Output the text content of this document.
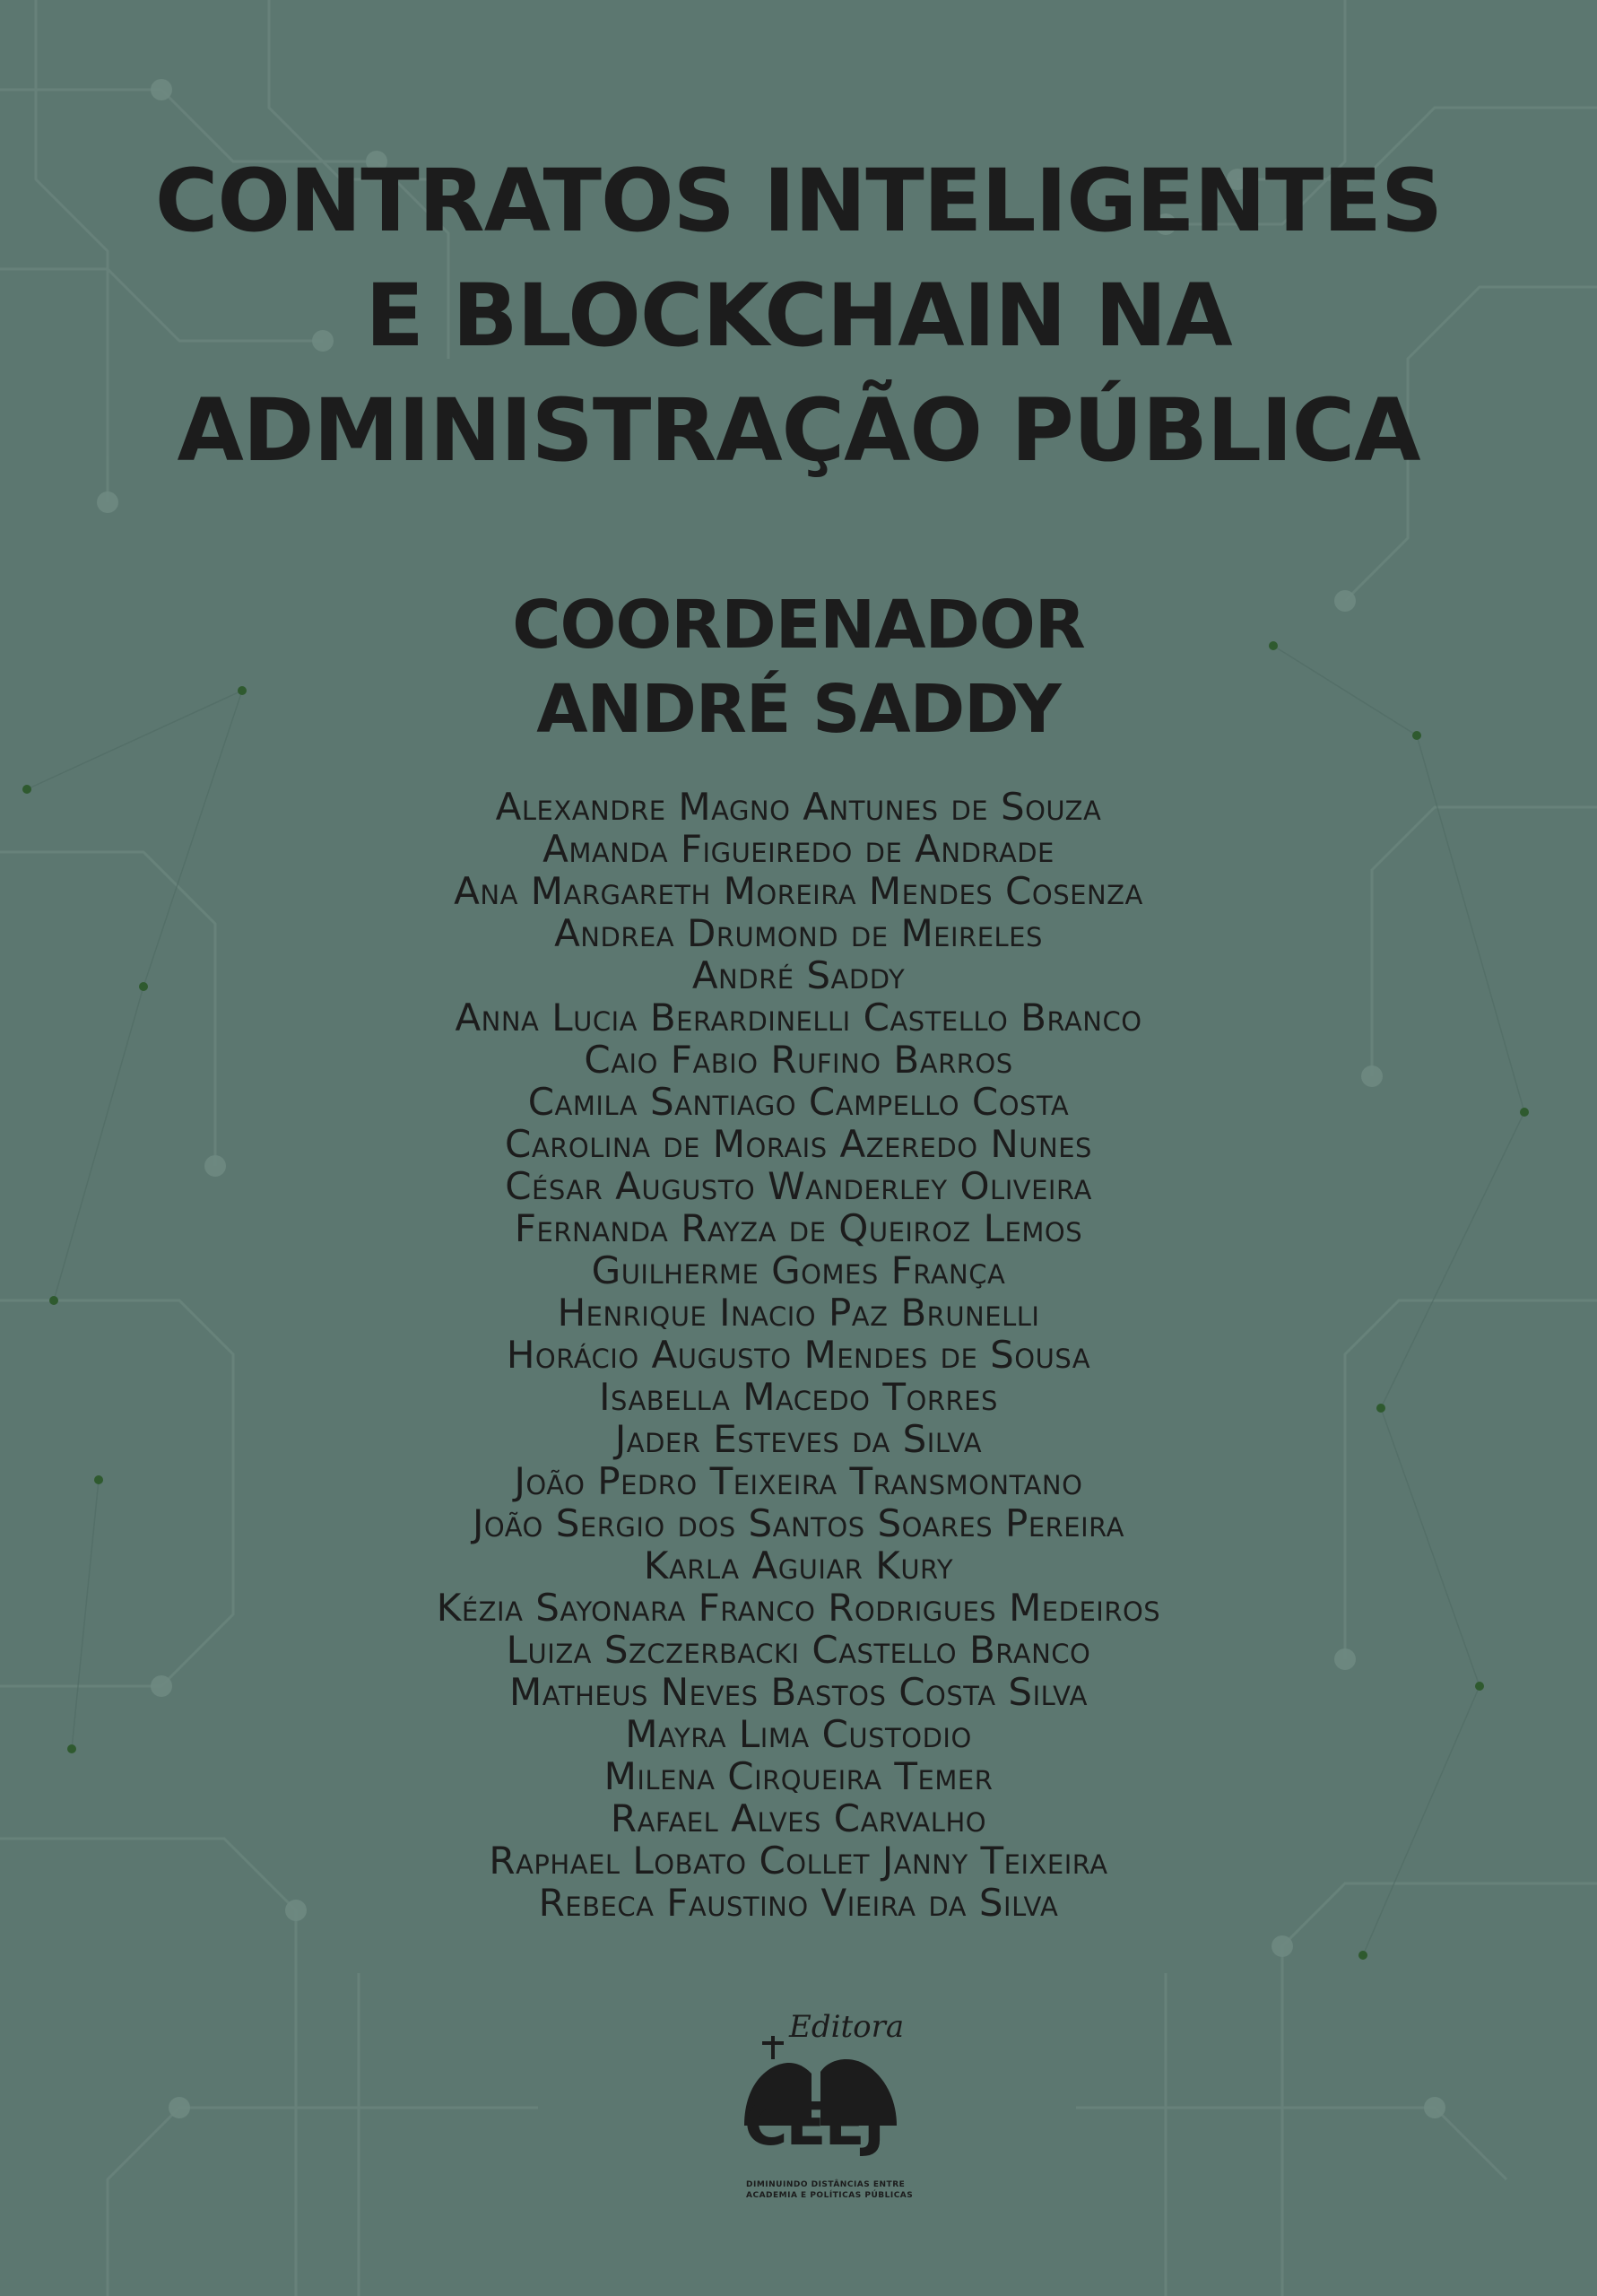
CONTRATOS INTELIGENTES
E BLOCKCHAIN NA
ADMINISTRAÇÃO PÚBLICA
COORDENADOR
ANDRÉ SADDY
Alexandre Magno Antunes de Souza
Amanda Figueiredo de Andrade
Ana Margareth Moreira Mendes Cosenza
Andrea Drumond de Meireles
André Saddy
Anna Lucia Berardinelli Castello Branco
Caio Fabio Rufino Barros
Camila Santiago Campello Costa
Carolina de Morais Azeredo Nunes
César Augusto Wanderley Oliveira
Fernanda Rayza de Queiroz Lemos
Guilherme Gomes França
Henrique Inacio Paz Brunelli
Horácio Augusto Mendes de Sousa
Isabella Macedo Torres
Jader Esteves da Silva
João Pedro Teixeira Transmontano
João Sergio dos Santos Soares Pereira
Karla Aguiar Kury
Kézia Sayonara Franco Rodrigues Medeiros
Luiza Szczerbacki Castello Branco
Matheus Neves Bastos Costa Silva
Mayra Lima Custodio
Milena Cirqueira Temer
Rafael Alves Carvalho
Raphael Lobato Collet Janny Teixeira
Rebeca Faustino Vieira da Silva
Editora
CEEJ
DIMINUINDO DISTÂNCIAS ENTRE
ACADEMIA E POLÍTICAS PÚBLICAS
